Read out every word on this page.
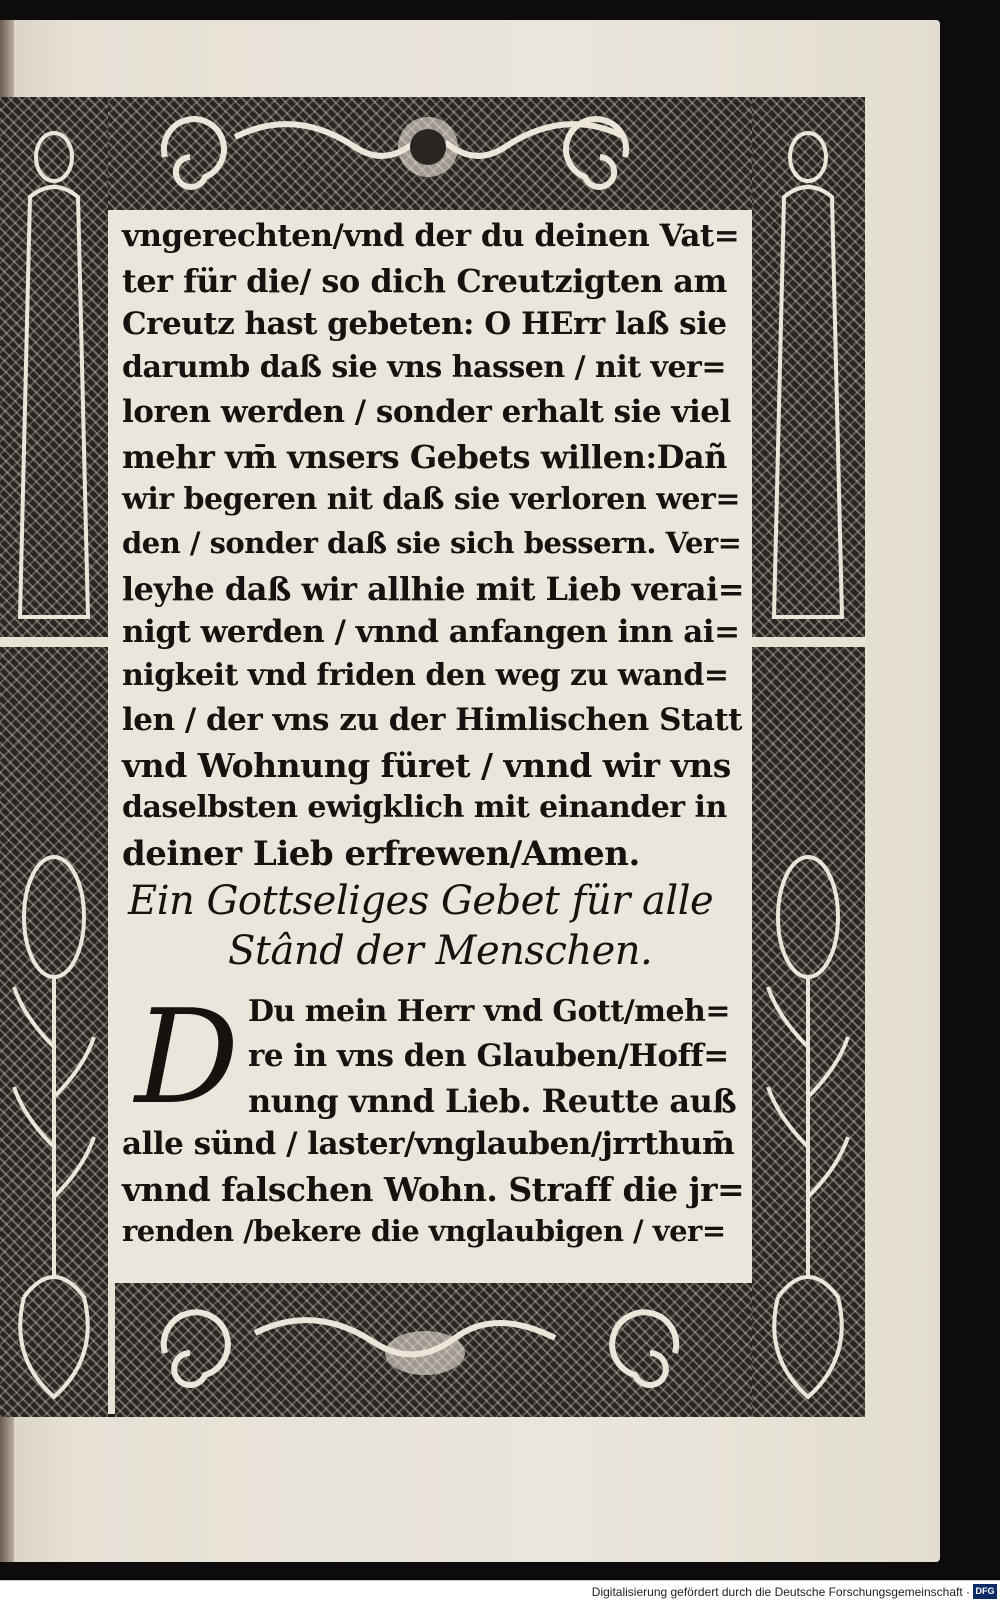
vngerechten/vnd der du deinen Vat=
ter für die/ so dich Creutzigten am
Creutz hast gebeten: O HErr laß sie
darumb daß sie vns hassen / nit ver=
loren werden / sonder erhalt sie viel
mehr vm̄ vnsers Gebets willen:Dañ
wir begeren nit daß sie verloren wer=
den / sonder daß sie sich bessern. Ver=
leyhe daß wir allhie mit Lieb verai=
nigt werden / vnnd anfangen inn ai=
nigkeit vnd friden den weg zu wand=
len / der vns zu der Himlischen Statt
vnd Wohnung füret / vnnd wir vns
daselbsten ewigklich mit einander in
deiner Lieb erfrewen/Amen.
Ein Gottseliges Gebet für alle
Stând der Menschen.
D Du mein Herr vnd Gott/meh=
re in vns den Glauben/Hoff=
nung vnnd Lieb. Reutte auß
alle sünd / laster/vnglauben/jrrthum̄
vnnd falschen Wohn. Straff die jr=
renden /bekere die vnglaubigen / ver=
Digitalisierung gefördert durch die Deutsche Forschungsgemeinschaft · DFG
